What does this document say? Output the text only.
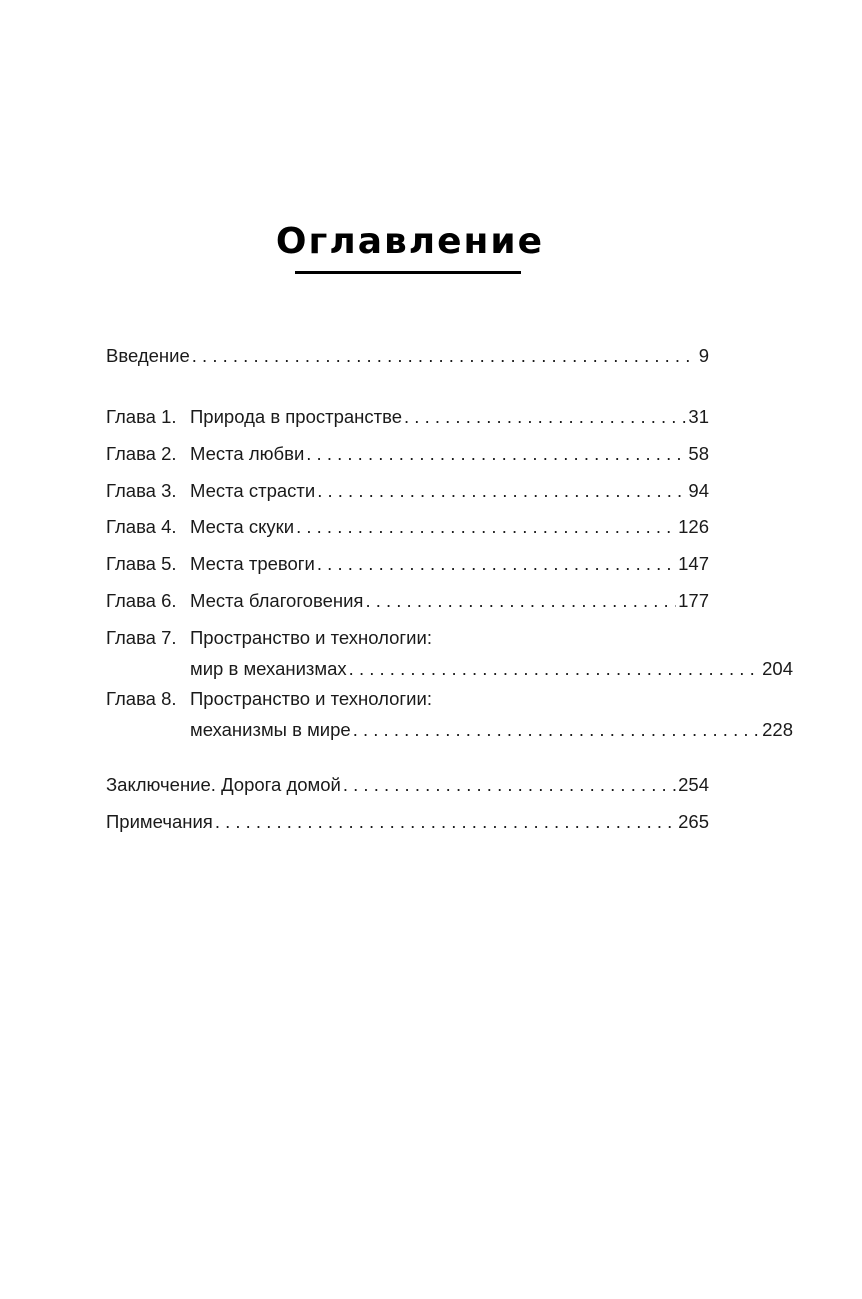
Оглавление
Введение . . .	9
Глава 1. Природа в пространстве . . .	31
Глава 2. Места любви . . .	58
Глава 3. Места страсти . . .	94
Глава 4. Места скуки . . .	126
Глава 5. Места тревоги . . .	147
Глава 6. Места благоговения . . .	177
Глава 7. Пространство и технологии:
мир в механизмах . . .	204
Глава 8. Пространство и технологии:
механизмы в мире . . .	228
Заключение. Дорога домой . . .	254
Примечания . . .	265
